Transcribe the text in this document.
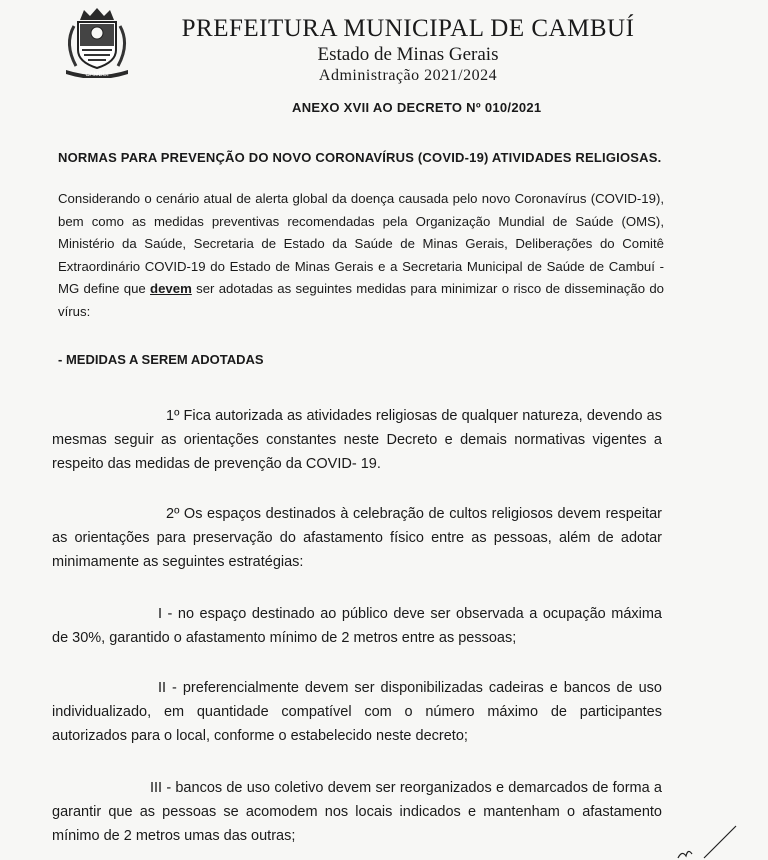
CAMBUÍ
PREFEITURA MUNICIPAL DE CAMBUÍ
Estado de Minas Gerais
Administração 2021/2024
ANEXO XVII AO DECRETO Nº 010/2021
NORMAS PARA PREVENÇÃO DO NOVO CORONAVÍRUS (COVID-19) ATIVIDADES RELIGIOSAS.
Considerando o cenário atual de alerta global da doença causada pelo novo Coronavírus (COVID-19), bem como as medidas preventivas recomendadas pela Organização Mundial de Saúde (OMS), Ministério da Saúde, Secretaria de Estado da Saúde de Minas Gerais, Deliberações do Comitê Extraordinário COVID-19 do Estado de Minas Gerais e a Secretaria Municipal de Saúde de Cambuí - MG define que devem ser adotadas as seguintes medidas para minimizar o risco de disseminação do vírus:
- MEDIDAS A SEREM ADOTADAS
1º Fica autorizada as atividades religiosas de qualquer natureza, devendo as mesmas seguir as orientações constantes neste Decreto e demais normativas vigentes a respeito das medidas de prevenção da COVID- 19.
2º Os espaços destinados à celebração de cultos religiosos devem respeitar as orientações para preservação do afastamento físico entre as pessoas, além de adotar minimamente as seguintes estratégias:
I - no espaço destinado ao público deve ser observada a ocupação máxima de 30%, garantido o afastamento mínimo de 2 metros entre as pessoas;
II - preferencialmente devem ser disponibilizadas cadeiras e bancos de uso individualizado, em quantidade compatível com o número máximo de participantes autorizados para o local, conforme o estabelecido neste decreto;
III - bancos de uso coletivo devem ser reorganizados e demarcados de forma a garantir que as pessoas se acomodem nos locais indicados e mantenham o afastamento mínimo de 2 metros umas das outras;
